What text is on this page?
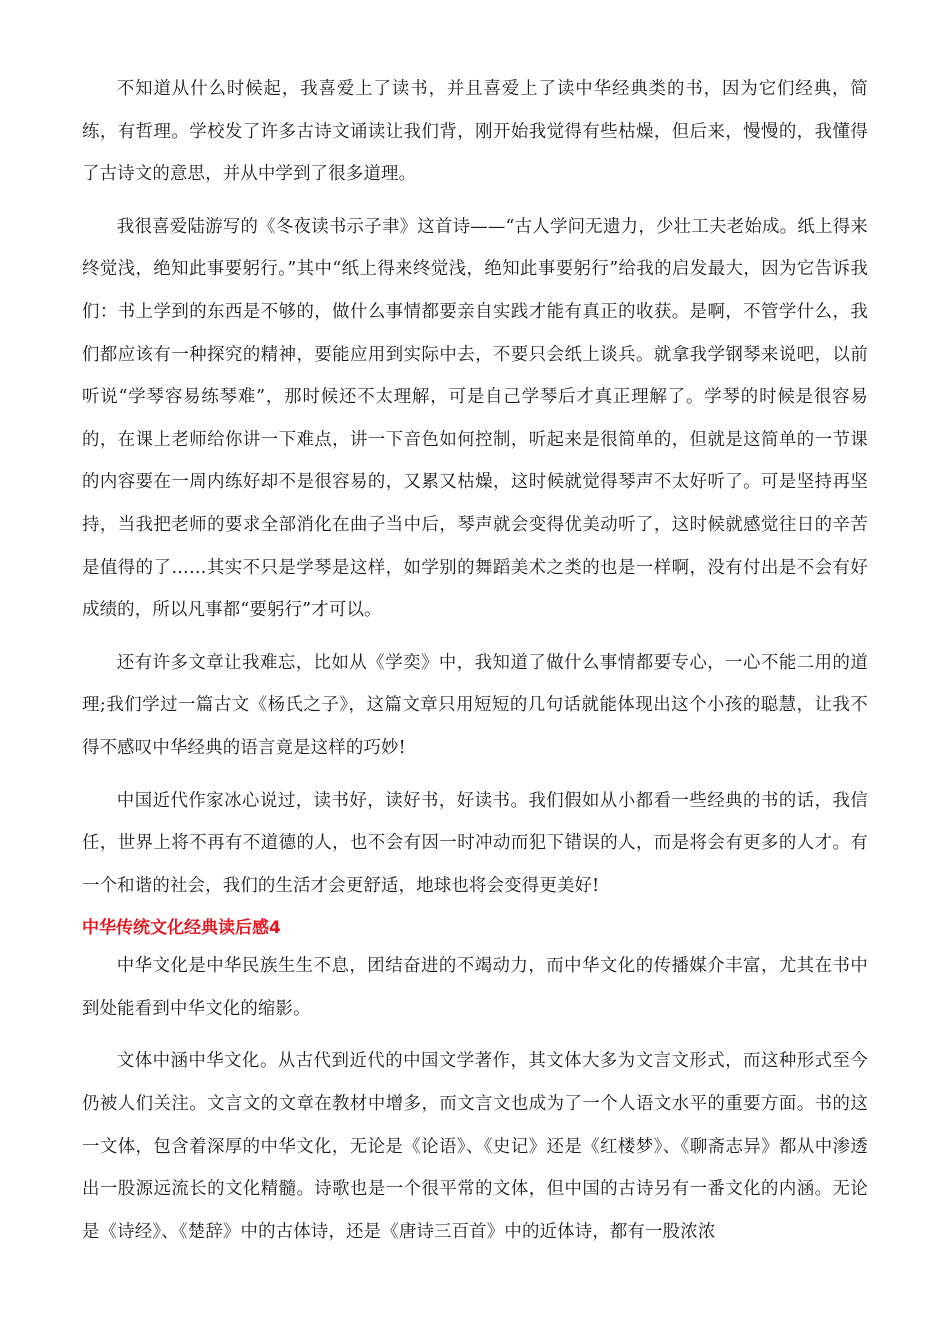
不知道从什么时候起，我喜爱上了读书，并且喜爱上了读中华经典类的书，因为它们经典，简练，有哲理。学校发了许多古诗文诵读让我们背，刚开始我觉得有些枯燥，但后来，慢慢的，我懂得了古诗文的意思，并从中学到了很多道理。

我很喜爱陆游写的《冬夜读书示子聿》这首诗——“古人学问无遗力，少壮工夫老始成。纸上得来终觉浅，绝知此事要躬行。”其中“纸上得来终觉浅，绝知此事要躬行”给我的启发最大，因为它告诉我们：书上学到的东西是不够的，做什么事情都要亲自实践才能有真正的收获。是啊，不管学什么，我们都应该有一种探究的精神，要能应用到实际中去，不要只会纸上谈兵。就拿我学钢琴来说吧，以前听说“学琴容易练琴难”，那时候还不太理解，可是自己学琴后才真正理解了。学琴的时候是很容易的，在课上老师给你讲一下难点，讲一下音色如何控制，听起来是很简单的，但就是这简单的一节课的内容要在一周内练好却不是很容易的，又累又枯燥，这时候就觉得琴声不太好听了。可是坚持再坚持，当我把老师的要求全部消化在曲子当中后，琴声就会变得优美动听了，这时候就感觉往日的辛苦是值得的了……其实不只是学琴是这样，如学别的舞蹈美术之类的也是一样啊，没有付出是不会有好成绩的，所以凡事都“要躬行”才可以。

还有许多文章让我难忘，比如从《学奕》中，我知道了做什么事情都要专心，一心不能二用的道理;我们学过一篇古文《杨氏之子》，这篇文章只用短短的几句话就能体现出这个小孩的聪慧，让我不得不感叹中华经典的语言竟是这样的巧妙!

中国近代作家冰心说过，读书好，读好书，好读书。我们假如从小都看一些经典的书的话，我信任，世界上将不再有不道德的人，也不会有因一时冲动而犯下错误的人，而是将会有更多的人才。有一个和谐的社会，我们的生活才会更舒适，地球也将会变得更美好!

中华传统文化经典读后感4

中华文化是中华民族生生不息，团结奋进的不竭动力，而中华文化的传播媒介丰富，尤其在书中到处能看到中华文化的缩影。

文体中涵中华文化。从古代到近代的中国文学著作，其文体大多为文言文形式，而这种形式至今仍被人们关注。文言文的文章在教材中增多，而文言文也成为了一个人语文水平的重要方面。书的这一文体，包含着深厚的中华文化，无论是《论语》、《史记》还是《红楼梦》、《聊斋志异》都从中渗透出一股源远流长的文化精髓。诗歌也是一个很平常的文体，但中国的古诗另有一番文化的内涵。无论是《诗经》、《楚辞》中的古体诗，还是《唐诗三百首》中的近体诗，都有一股浓浓
